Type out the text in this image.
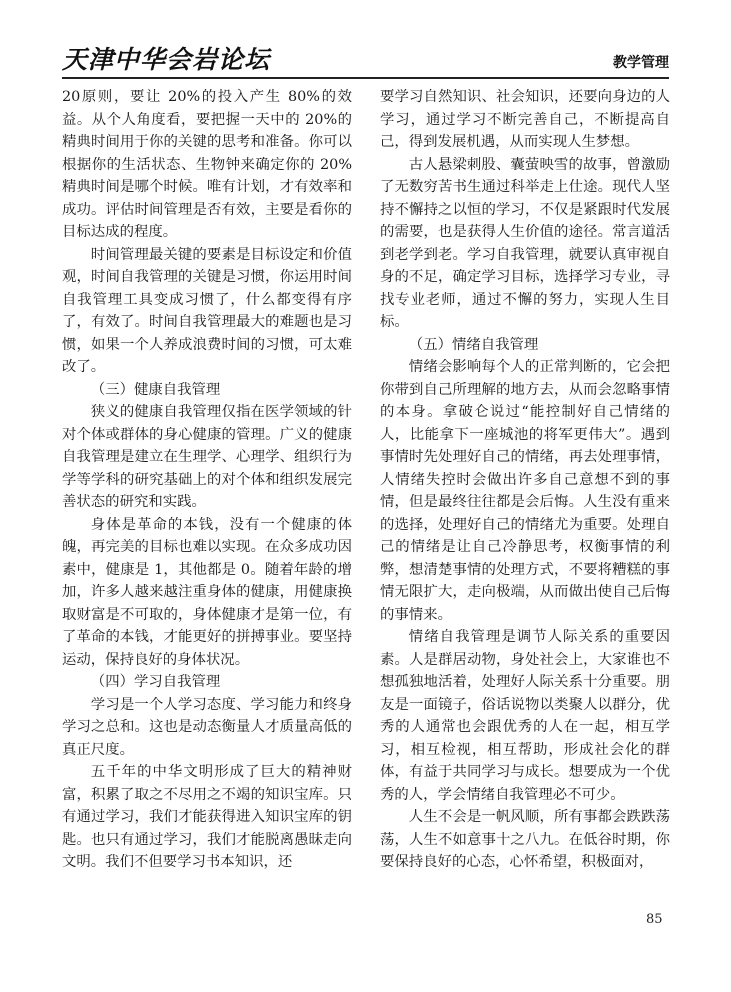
天津中华会岩论坛	教学管理

20原则，要让 20%的投入产生 80%的效益。从个人角度看，要把握一天中的 20%的精典时间用于你的关键的思考和准备。你可以根据你的生活状态、生物钟来确定你的 20%精典时间是哪个时候。唯有计划，才有效率和成功。评估时间管理是否有效，主要是看你的目标达成的程度。

时间管理最关键的要素是目标设定和价值观，时间自我管理的关键是习惯，你运用时间自我管理工具变成习惯了，什么都变得有序了，有效了。时间自我管理最大的难题也是习惯，如果一个人养成浪费时间的习惯，可太难改了。

（三）健康自我管理

狭义的健康自我管理仅指在医学领域的针对个体或群体的身心健康的管理。广义的健康自我管理是建立在生理学、心理学、组织行为学等学科的研究基础上的对个体和组织发展完善状态的研究和实践。

身体是革命的本钱，没有一个健康的体魄，再完美的目标也难以实现。在众多成功因素中，健康是 1，其他都是 0。随着年龄的增加，许多人越来越注重身体的健康，用健康换取财富是不可取的，身体健康才是第一位，有了革命的本钱，才能更好的拼搏事业。要坚持运动，保持良好的身体状况。

（四）学习自我管理

学习是一个人学习态度、学习能力和终身学习之总和。这也是动态衡量人才质量高低的真正尺度。

五千年的中华文明形成了巨大的精神财富，积累了取之不尽用之不竭的知识宝库。只有通过学习，我们才能获得进入知识宝库的钥匙。也只有通过学习，我们才能脱离愚昧走向文明。我们不但要学习书本知识，还

要学习自然知识、社会知识，还要向身边的人学习，通过学习不断完善自己，不断提高自己，得到发展机遇，从而实现人生梦想。

古人悬梁刺股、囊萤映雪的故事，曾激励了无数穷苦书生通过科举走上仕途。现代人坚持不懈持之以恒的学习，不仅是紧跟时代发展的需要，也是获得人生价值的途径。常言道活到老学到老。学习自我管理，就要认真审视自身的不足，确定学习目标，选择学习专业，寻找专业老师，通过不懈的努力，实现人生目标。

（五）情绪自我管理

情绪会影响每个人的正常判断的，它会把你带到自己所理解的地方去，从而会忽略事情的本身。拿破仑说过“能控制好自己情绪的人，比能拿下一座城池的将军更伟大”。遇到事情时先处理好自己的情绪，再去处理事情，人情绪失控时会做出许多自己意想不到的事情，但是最终往往都是会后悔。人生没有重来的选择，处理好自己的情绪尤为重要。处理自己的情绪是让自己冷静思考，权衡事情的利弊，想清楚事情的处理方式，不要将糟糕的事情无限扩大，走向极端，从而做出使自己后悔的事情来。

情绪自我管理是调节人际关系的重要因素。人是群居动物，身处社会上，大家谁也不想孤独地活着，处理好人际关系十分重要。朋友是一面镜子，俗话说物以类聚人以群分，优秀的人通常也会跟优秀的人在一起，相互学习，相互检视，相互帮助，形成社会化的群体，有益于共同学习与成长。想要成为一个优秀的人，学会情绪自我管理必不可少。

人生不会是一帆风顺，所有事都会跌跌荡荡，人生不如意事十之八九。在低谷时期，你要保持良好的心态，心怀希望，积极面对，

85
